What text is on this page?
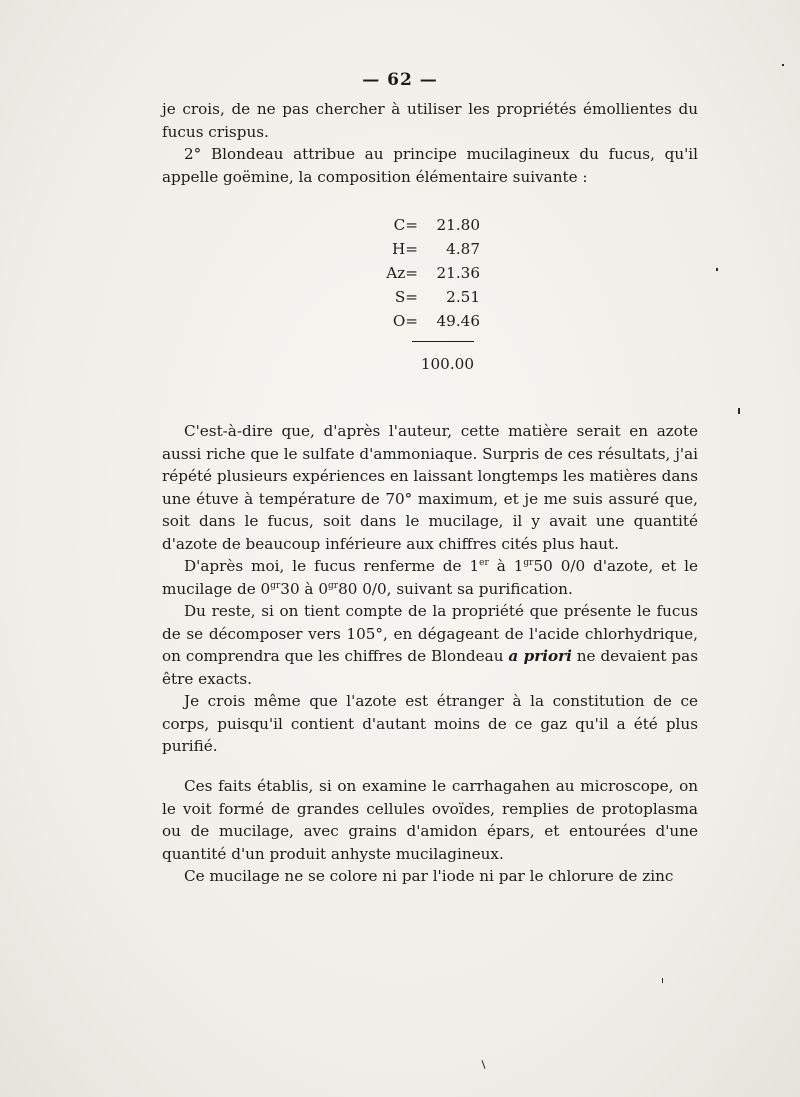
— 62 —

je crois, de ne pas chercher à utiliser les propriétés émollientes du fucus crispus.

2° Blondeau attribue au principe mucilagineux du fucus, qu'il appelle goëmine, la composition élémentaire suivante :

C =	21.80
H =	4.87
Az =	21.36
S =	2.51
O =	49.46
100.00

C'est-à-dire que, d'après l'auteur, cette matière serait en azote aussi riche que le sulfate d'ammoniaque. Surpris de ces résultats, j'ai répété plusieurs expériences en laissant longtemps les matières dans une étuve à température de 70° maximum, et je me suis assuré que, soit dans le fucus, soit dans le mucilage, il y avait une quantité d'azote de beaucoup inférieure aux chiffres cités plus haut.

D'après moi, le fucus renferme de 1er à $1^{gr}50$ 0/0 d'azote, et le mucilage de $0^{gr}30$ à $0^{gr}80$ 0/0, suivant sa purification.

Du reste, si on tient compte de la propriété que présente le fucus de se décomposer vers 105°, en dégageant de l'acide chlorhydrique, on comprendra que les chiffres de Blondeau a priori ne devaient pas être exacts.

Je crois même que l'azote est étranger à la constitution de ce corps, puisqu'il contient d'autant moins de ce gaz qu'il a été plus purifié.

Ces faits établis, si on examine le carrhagahen au microscope, on le voit formé de grandes cellules ovoïdes, remplies de protoplasma ou de mucilage, avec grains d'amidon épars, et entourées d'une quantité d'un produit anhyste mucilagineux.

Ce mucilage ne se colore ni par l'iode ni par le chlorure de zinc
